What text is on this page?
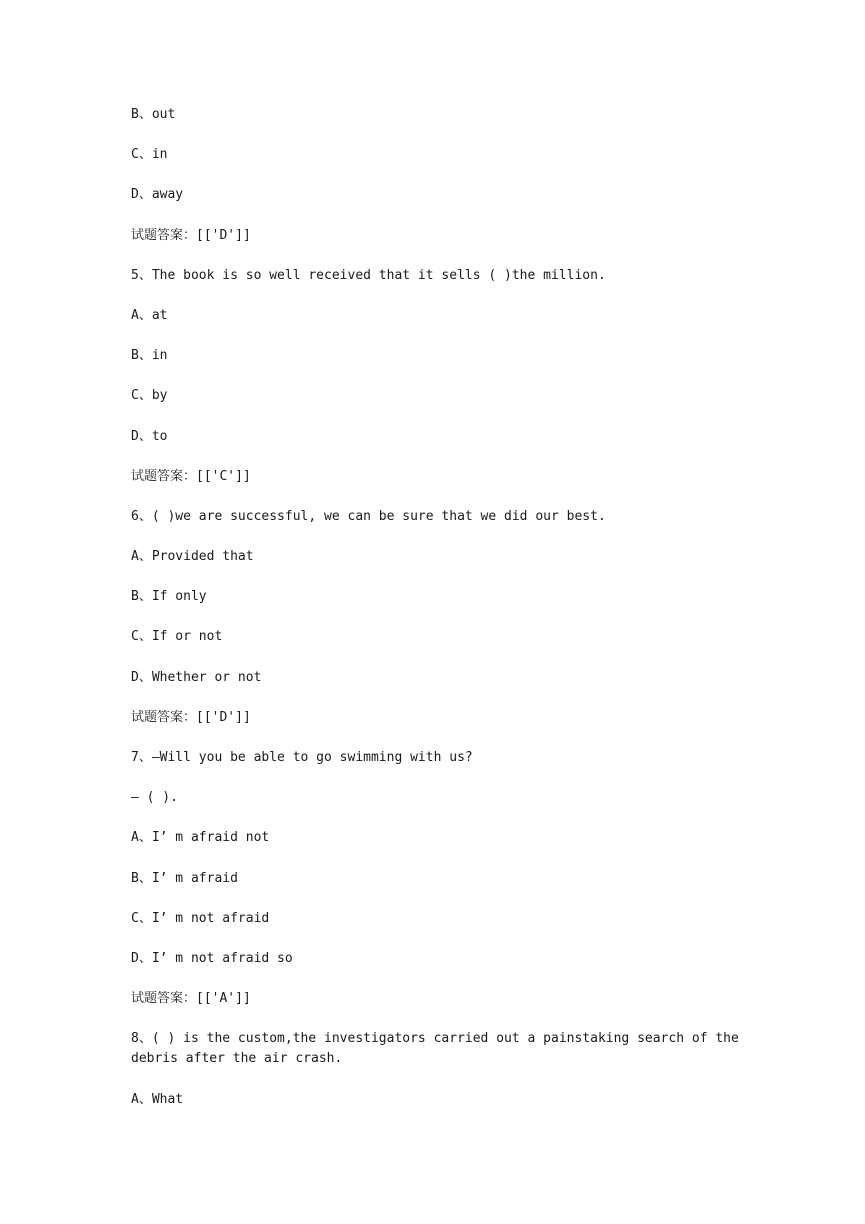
B、out
C、in
D、away
试题答案：[['D']]
5、The book is so well received that it sells ( )the million.
A、at
B、in
C、by
D、to
试题答案：[['C']]
6、( )we are successful, we can be sure that we did our best.
A、Provided that
B、If only
C、If or not
D、Whether or not
试题答案：[['D']]
7、—Will you be able to go swimming with us?
— ( ).
A、I’ m afraid not
B、I’ m afraid
C、I’ m not afraid
D、I’ m not afraid so
试题答案：[['A']]
8、( ) is the custom,the investigators carried out a painstaking search of the debris after the air crash.
A、What
